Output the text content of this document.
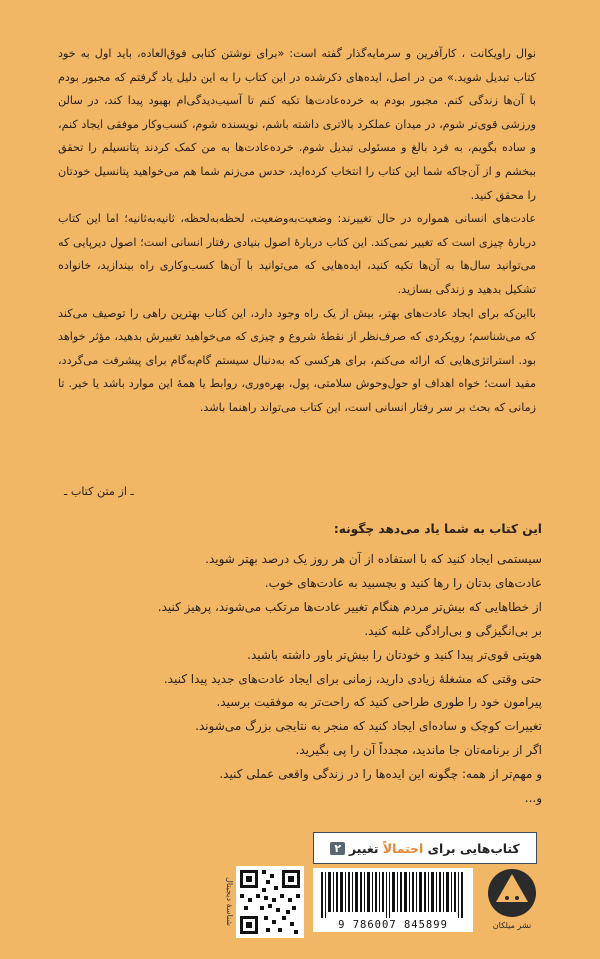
نوال راویکانت ، کارآفرین و سرمایه‌گذار گفته است: «برای نوشتن کتابی فوق‌العاده، باید اول به خود کتاب تبدیل شوید.» من در اصل، ایده‌های ذکرشده در این کتاب را به این دلیل یاد گرفتم که مجبور بودم با آن‌ها زندگی کنم. مجبور بودم به خرده‌عادت‌ها تکیه کنم تا آسیب‌دیدگی‌ام بهبود پیدا کند، در سالن ورزشی قوی‌تر شوم، در میدان عملکرد بالاتری داشته باشم، نویسنده شوم، کسب‌وکار موفقی ایجاد کنم، و ساده بگویم، به فرد بالغ و مسئولی تبدیل شوم. خرده‌عادت‌ها به من کمک کردند پتانسیلم را تحقق ببخشم و از آن‌جاکه شما این کتاب را انتخاب کرده‌اید، حدس می‌زنم شما هم می‌خواهید پتانسیل خودتان را محقق کنید.

عادت‌های انسانی همواره در حال تغییرند: وضعیت‌به‌وضعیت، لحظه‌به‌لحظه، ثانیه‌به‌ثانیه؛ اما این کتاب دربارهٔ چیزی است که تغییر نمی‌کند. این کتاب دربارهٔ اصول بنیادی رفتار انسانی است؛ اصول دیرپایی که می‌توانید سال‌ها به آن‌ها تکیه کنید، ایده‌هایی که می‌توانید با آن‌ها کسب‌وکاری راه بیندازید، خانواده تشکیل بدهید و زندگی بسازید.

بااین‌که برای ایجاد عادت‌های بهتر، بیش از یک راه وجود دارد، این کتاب بهترین راهی را توصیف می‌کند که می‌شناسم؛ رویکردی که صرف‌نظر از نقطهٔ شروع و چیزی که می‌خواهید تغییرش بدهید، مؤثر خواهد بود. استراتژی‌هایی که ارائه می‌کنم، برای هرکسی که به‌دنبال سیستم گام‌به‌گام برای پیشرفت می‌گردد، مفید است؛ خواه اهداف او حول‌وحوش سلامتی، پول، بهره‌وری، روابط یا همهٔ این موارد باشد یا خیر. تا زمانی که بحث بر سر رفتار انسانی است، این کتاب می‌تواند راهنما باشد.

ـ از متن کتاب ـ
این کتاب به شما یاد می‌دهد چگونه:
سیستمی ایجاد کنید که با استفاده از آن هر روز یک درصد بهتر شوید.
عادت‌های بدتان را رها کنید و بچسبید به عادت‌های خوب.
از خطاهایی که بیش‌تر مردم هنگام تغییر عادت‌ها مرتکب می‌شوند، پرهیز کنید.
بر بی‌انگیزگی و بی‌ارادگی غلبه کنید.
هویتی قوی‌تر پیدا کنید و خودتان را بیش‌تر باور داشته باشید.
حتی وقتی که مشغلهٔ زیادی دارید، زمانی برای ایجاد عادت‌های جدید پیدا کنید.
پیرامون خود را طوری طراحی کنید که راحت‌تر به موفقیت برسید.
تغییرات کوچک و ساده‌ای ایجاد کنید که منجر به نتایجی بزرگ می‌شوند.
اگر از برنامه‌تان جا ماندید، مجدداً آن را پی بگیرید.
و مهم‌تر از همه: چگونه این ایده‌ها را در زندگی واقعی عملی کنید.
و...
کتاب‌هایی برای

احتمالاً

تغییر
۲
شناسهٔ دیجیتال	9 786007 845899	نشر میلکان
